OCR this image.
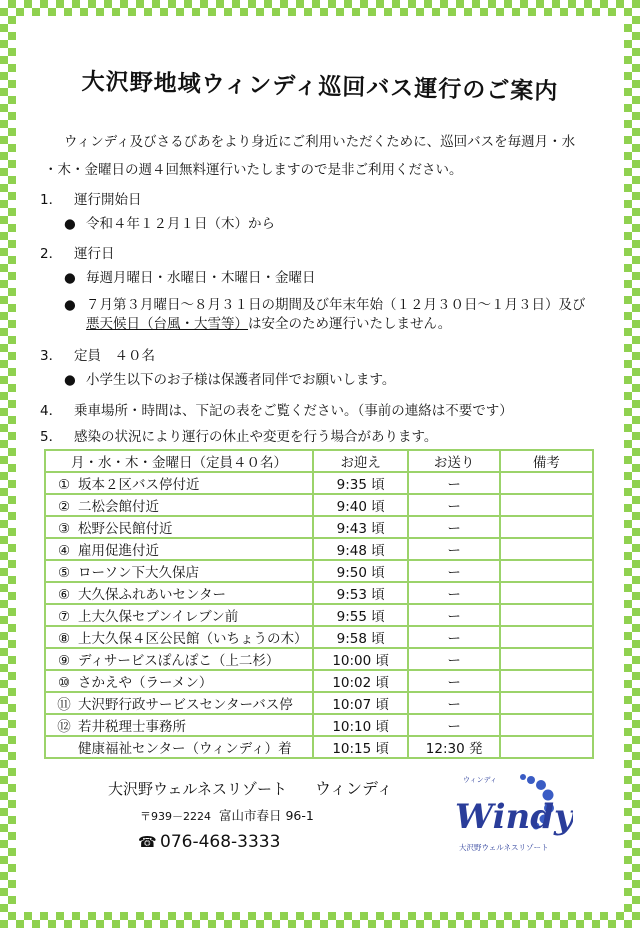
大沢野地域ウィンディ巡回バス運行のご案内
ウィンディ及びさるびあをより身近にご利用いただくために、巡回バスを毎週月・水
・木・金曜日の週４回無料運行いたしますので是非ご利用ください。
1． 運行開始日
● 令和４年１２月１日（木）から
2． 運行日
● 毎週月曜日・水曜日・木曜日・金曜日
● ７月第３月曜日～８月３１日の期間及び年末年始（１２月３０日～１月３日）及び
悪天候日（台風・大雪等）は安全のため運行いたしません。
3． 定員　４０名
● 小学生以下のお子様は保護者同伴でお願いします。
4． 乗車場所・時間は、下記の表をご覧ください。（事前の連絡は不要です）
5． 感染の状況により運行の休止や変更を行う場合があります。
月・水・木・金曜日（定員４０名）	お迎え	お送り	備考
① 坂本２区バス停付近	9:35 頃	ー	
② 二松会館付近	9:40 頃	ー	
③ 松野公民館付近	9:43 頃	ー	
④ 雇用促進付近	9:48 頃	ー	
⑤ ローソン下大久保店	9:50 頃	ー	
⑥ 大久保ふれあいセンター	9:53 頃	ー	
⑦ 上大久保セブンイレブン前	9:55 頃	ー	
⑧ 上大久保４区公民館（いちょうの木）	9:58 頃	ー	
⑨ ディサービスぽんぽこ（上二杉）	10:00 頃	ー	
⑩ さかえや（ラーメン）	10:02 頃	ー	
⑪ 大沢野行政サービスセンターバス停	10:07 頃	ー	
⑫ 若井税理士事務所	10:10 頃	ー	
健康福祉センター（ウィンディ）着	10:15 頃	12:30 発	
大沢野ウェルネスリゾート ウィンディ
〒939－2224 富山市春日 96-1
☎ 076-468-3333
ウィンディ
Windy
大沢野ウェルネスリゾート
